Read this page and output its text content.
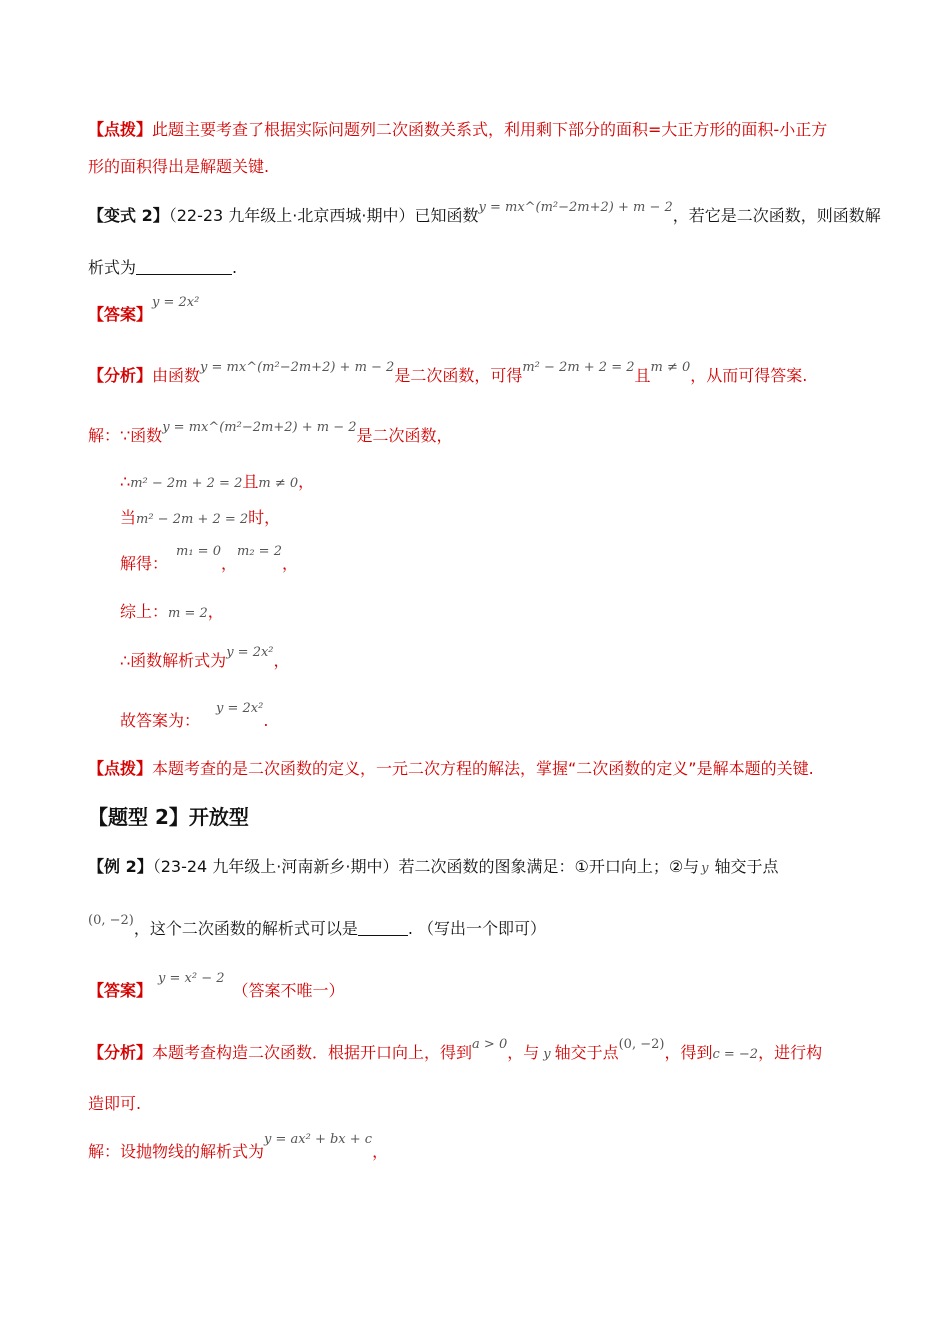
【点拨】此题主要考查了根据实际问题列二次函数关系式，利用剩下部分的面积=大正方形的面积-小正方
形的面积得出是解题关键.
【变式 2】（22-23 九年级上·北京西城·期中）已知函数$^{y = mx\^{}(m^2-2m+2) + m - 2}$，若它是二次函数，则函数解
析式为	.
【答案】$^{y = 2x^2}$
【分析】由函数$^{y = mx\^{}(m^2-2m+2) + m - 2}$是二次函数，可得$^{m^2 - 2m + 2 = 2}$且$^{m \ne 0}$，从而可得答案.
解：∵函数$^{y = mx\^{}(m^2-2m+2) + m - 2}$是二次函数，
∴m² − 2m + 2 = 2且m ≠ 0，
当m² − 2m + 2 = 2时，
解得：$^{m_1 = 0}$，$^{m_2 = 2}$，
综上：m = 2，
∴函数解析式为$^{y = 2x^2}$，
故答案为：$^{y = 2x^2}$.
【点拨】本题考查的是二次函数的定义，一元二次方程的解法，掌握“二次函数的定义”是解本题的关键.
【题型 2】开放型
【例 2】（23-24 九年级上·河南新乡·期中）若二次函数的图象满足：①开口向上；②与 y 轴交于点
$^{(0, -2)}$，这个二次函数的解析式可以是	. （写出一个即可）
【答案】$^{y = x^2 - 2}$（答案不唯一）
【分析】本题考查构造二次函数．根据开口向上，得到$^{a > 0}$，与 y 轴交于点$^{(0, -2)}$，得到c = −2，进行构
造即可.
解：设抛物线的解析式为$^{y = ax^2 + bx + c}$，
